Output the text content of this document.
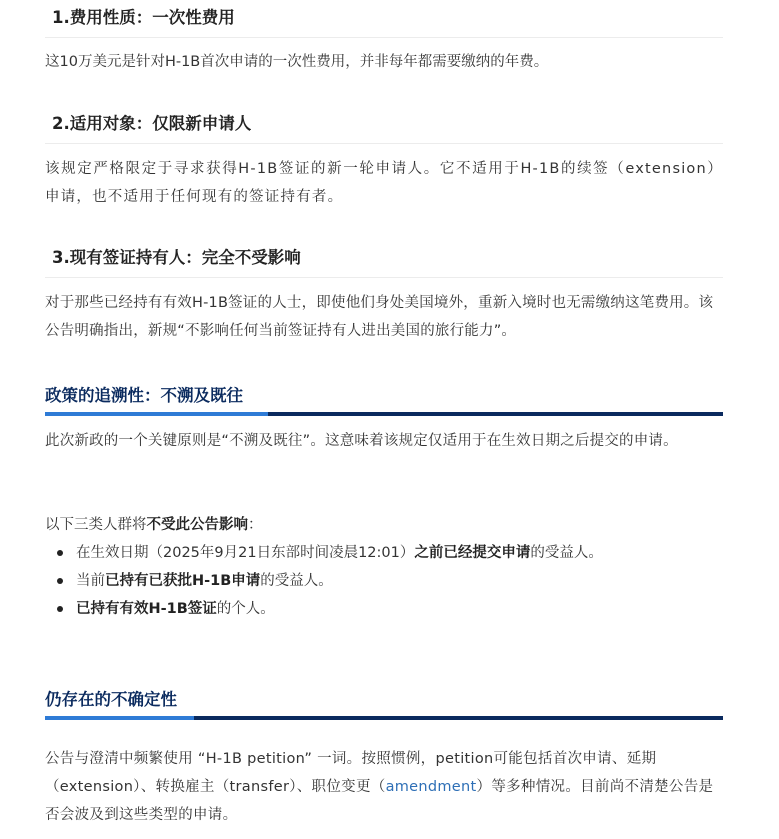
1.费用性质：一次性费用
这10万美元是针对H-1B首次申请的一次性费用，并非每年都需要缴纳的年费。
2.适用对象：仅限新申请人
该规定严格限定于寻求获得H-1B签证的新一轮申请人。它不适用于H-1B的续签（extension）申请，也不适用于任何现有的签证持有者。
3.现有签证持有人：完全不受影响
对于那些已经持有有效H-1B签证的人士，即使他们身处美国境外，重新入境时也无需缴纳这笔费用。该公告明确指出，新规“不影响任何当前签证持有人进出美国的旅行能力”。
政策的追溯性：不溯及既往
此次新政的一个关键原则是“不溯及既往”。这意味着该规定仅适用于在生效日期之后提交的申请。
以下三类人群将不受此公告影响：
在生效日期（2025年9月21日东部时间凌晨12:01）之前已经提交申请的受益人。
当前已持有已获批H-1B申请的受益人。
已持有有效H-1B签证的个人。
仍存在的不确定性
公告与澄清中频繁使用 “H-1B petition” 一词。按照惯例，petition可能包括首次申请、延期（extension）、转换雇主（transfer）、职位变更（amendment）等多种情况。目前尚不清楚公告是否会波及到这些类型的申请。
